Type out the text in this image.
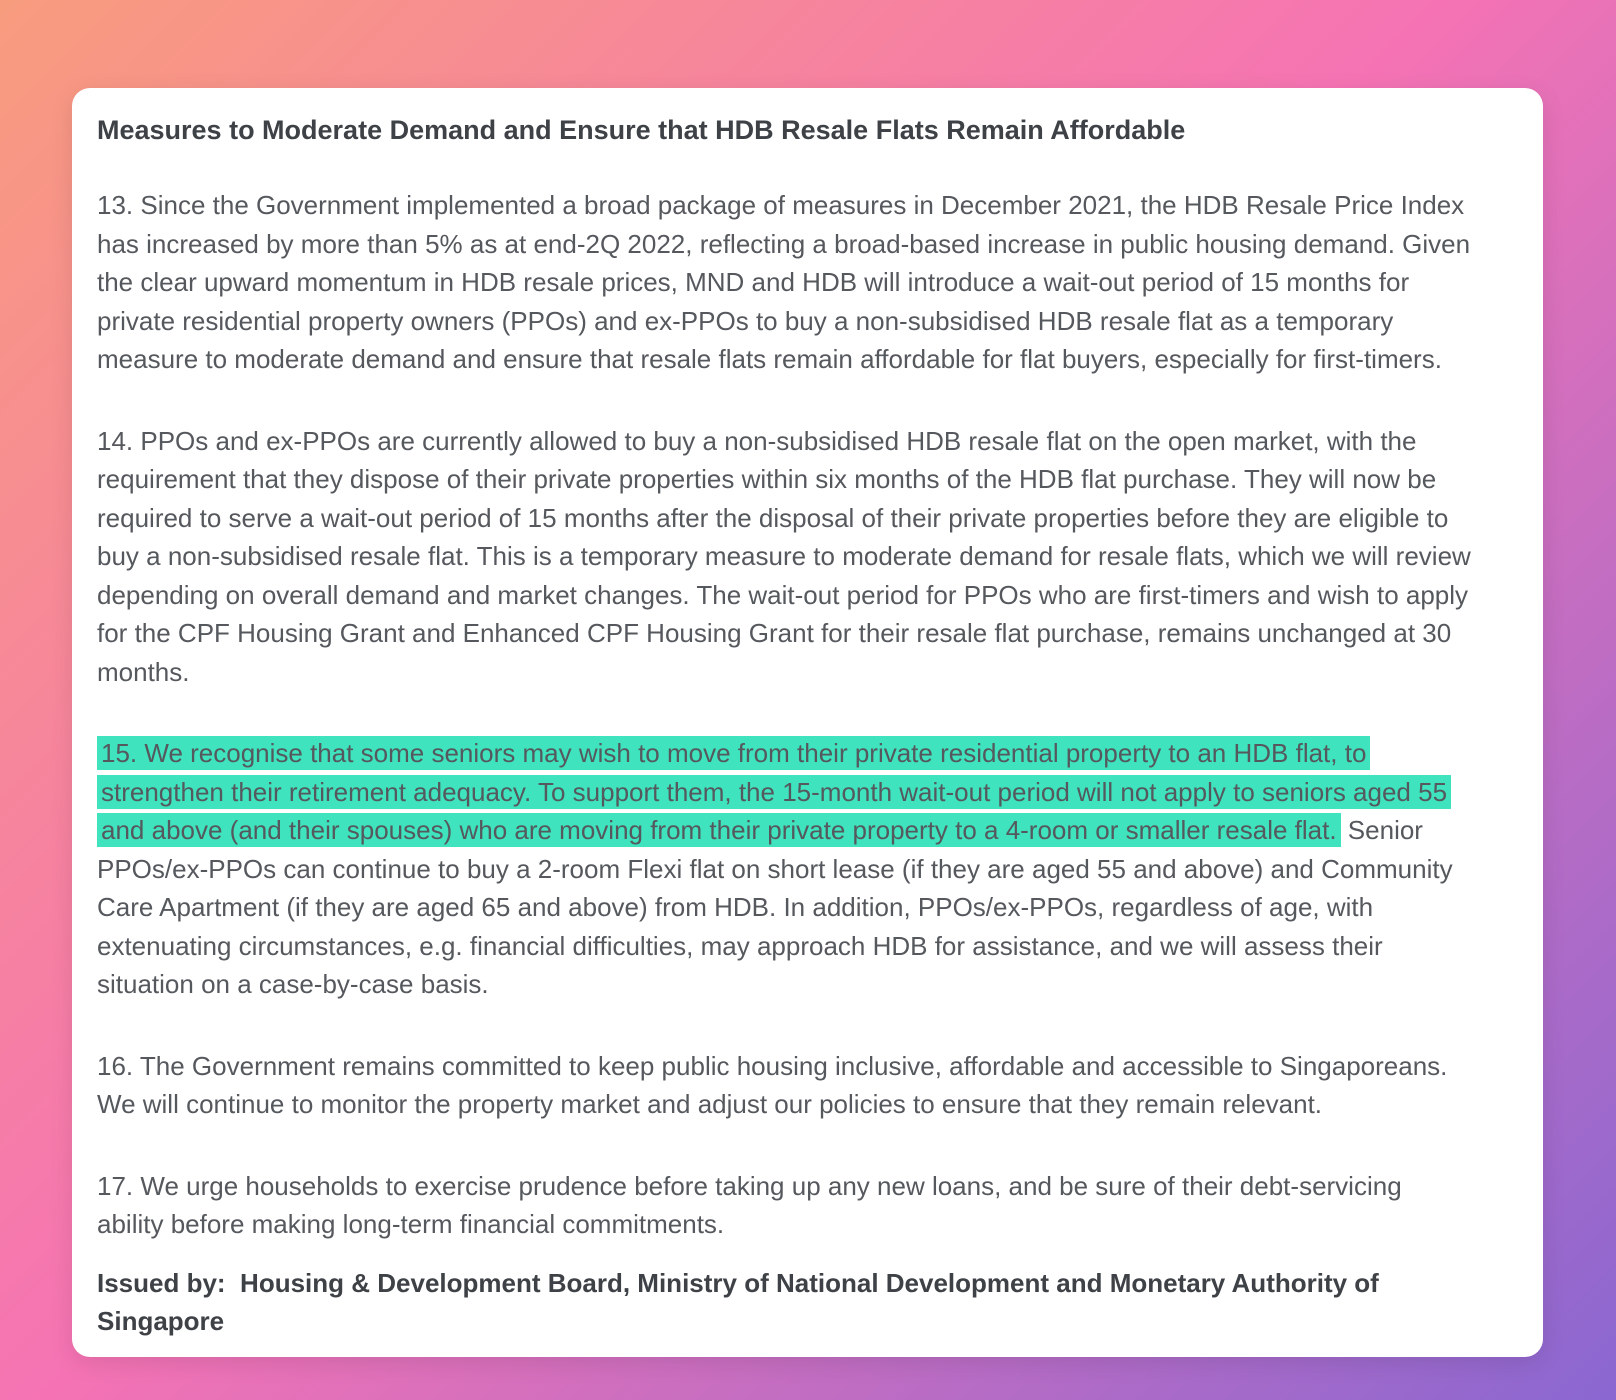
Measures to Moderate Demand and Ensure that HDB Resale Flats Remain Affordable

13. Since the Government implemented a broad package of measures in December 2021, the HDB Resale Price Index has increased by more than 5% as at end-2Q 2022, reflecting a broad-based increase in public housing demand. Given the clear upward momentum in HDB resale prices, MND and HDB will introduce a wait-out period of 15 months for private residential property owners (PPOs) and ex-PPOs to buy a non-subsidised HDB resale flat as a temporary measure to moderate demand and ensure that resale flats remain affordable for flat buyers, especially for first-timers.

14. PPOs and ex-PPOs are currently allowed to buy a non-subsidised HDB resale flat on the open market, with the requirement that they dispose of their private properties within six months of the HDB flat purchase. They will now be required to serve a wait-out period of 15 months after the disposal of their private properties before they are eligible to buy a non-subsidised resale flat. This is a temporary measure to moderate demand for resale flats, which we will review depending on overall demand and market changes. The wait-out period for PPOs who are first-timers and wish to apply for the CPF Housing Grant and Enhanced CPF Housing Grant for their resale flat purchase, remains unchanged at 30 months.

15. We recognise that some seniors may wish to move from their private residential property to an HDB flat, to strengthen their retirement adequacy. To support them, the 15-month wait-out period will not apply to seniors aged 55 and above (and their spouses) who are moving from their private property to a 4-room or smaller resale flat. Senior PPOs/ex-PPOs can continue to buy a 2-room Flexi flat on short lease (if they are aged 55 and above) and Community Care Apartment (if they are aged 65 and above) from HDB. In addition, PPOs/ex-PPOs, regardless of age, with extenuating circumstances, e.g. financial difficulties, may approach HDB for assistance, and we will assess their situation on a case-by-case basis.

16. The Government remains committed to keep public housing inclusive, affordable and accessible to Singaporeans. We will continue to monitor the property market and adjust our policies to ensure that they remain relevant.

17. We urge households to exercise prudence before taking up any new loans, and be sure of their debt-servicing ability before making long-term financial commitments.

Issued by:  Housing & Development Board, Ministry of National Development and Monetary Authority of Singapore
